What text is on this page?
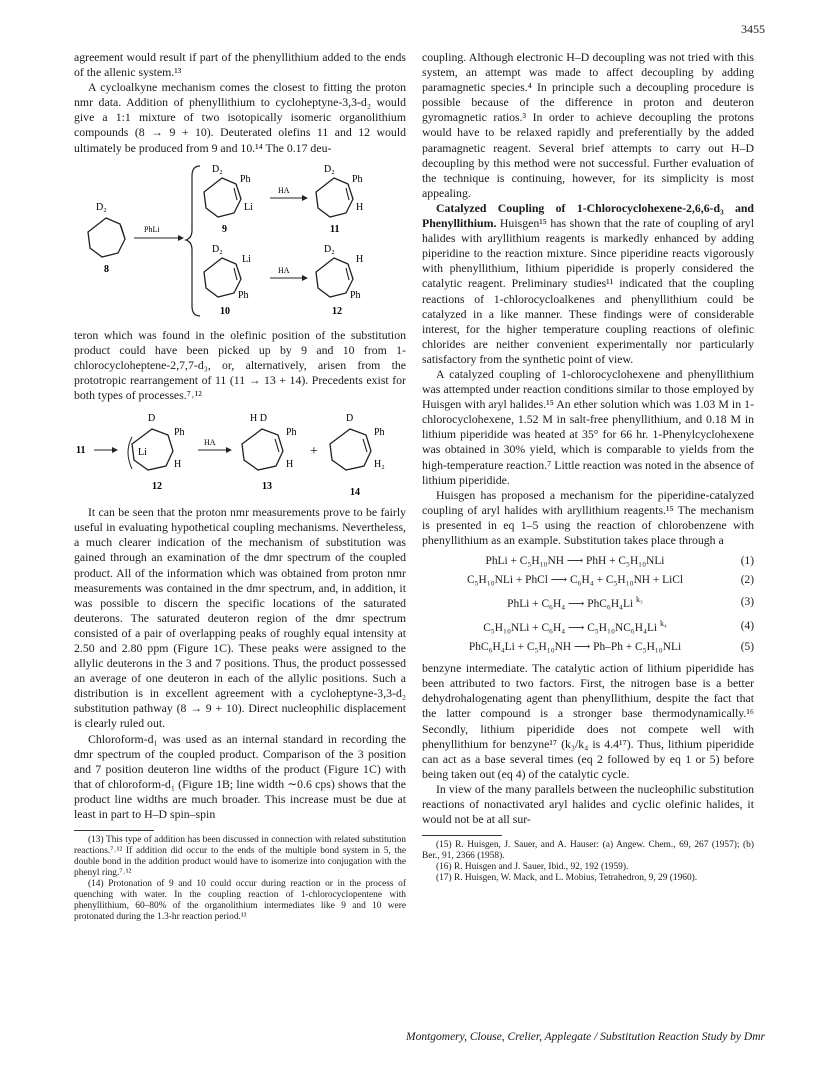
3455

agreement would result if part of the phenyllithium added to the ends of the allenic system.¹³

A cycloalkyne mechanism comes the closest to fitting the proton nmr data. Addition of phenyllithium to cycloheptyne-3,3-d₂ would give a 1:1 mixture of two isotopically isomeric organolithium compounds (8 → 9 + 10). Deuterated olefins 11 and 12 would ultimately be produced from 9 and 10.¹⁴ The 0.17 deu-

D₂
8
PhLi
D₂
Ph
Li
9
HA
D₂
Ph
H
11
D₂
Li
Ph
10
HA
D₂
H
Ph
12

teron which was found in the olefinic position of the substitution product could have been picked up by 9 and 10 from 1-chlorocycloheptene-2,7,7-d₃, or, alternatively, arisen from the prototropic rearrangement of 11 (11 → 13 + 14). Precedents exist for both types of processes.⁷˒¹²

11	Li
D
Ph
H
12
HA
H D
Ph
H
13
+
D
Ph
H₂
14

It can be seen that the proton nmr measurements prove to be fairly useful in evaluating hypothetical coupling mechanisms. Nevertheless, a much clearer indication of the mechanism of substitution was gained through an examination of the dmr spectrum of the coupled product. All of the information which was obtained from proton nmr measurements was contained in the dmr spectrum, and, in addition, it was possible to discern the specific locations of the saturated deuterons. The saturated deuteron region of the dmr spectrum consisted of a pair of overlapping peaks of roughly equal intensity at 2.50 and 2.80 ppm (Figure 1C). These peaks were assigned to the allylic deuterons in the 3 and 7 positions. Thus, the product possessed an average of one deuteron in each of the allylic positions. Such a distribution is in excellent agreement with a cycloheptyne-3,3-d₂ substitution pathway (8 → 9 + 10). Direct nucleophilic displacement is clearly ruled out.

Chloroform-d₁ was used as an internal standard in recording the dmr spectrum of the coupled product. Comparison of the 3 position and 7 position deuteron line widths of the product (Figure 1C) with that of chloroform-d₁ (Figure 1B; line width ∼0.6 cps) shows that the product line widths are much broader. This increase must be due at least in part to H–D spin–spin

(13) This type of addition has been discussed in connection with related substitution reactions.⁷˒¹² If addition did occur to the ends of the multiple bond system in 5, the double bond in the addition product would have to isomerize into conjugation with the phenyl ring.⁷˒¹²

(14) Protonation of 9 and 10 could occur during reaction or in the process of quenching with water. In the coupling reaction of 1-chlorocyclopentene with phenyllithium, 60–80% of the organolithium intermediates like 9 and 10 were protonated during the 1.3-hr reaction period.¹³

coupling. Although electronic H–D decoupling was not tried with this system, an attempt was made to affect decoupling by adding paramagnetic species.⁴ In principle such a decoupling procedure is possible because of the difference in proton and deuteron gyromagnetic ratios.³ In order to achieve decoupling the protons would have to be relaxed rapidly and preferentially by the added paramagnetic reagent. Several brief attempts to carry out H–D decoupling by this method were not successful. Further evaluation of the technique is continuing, however, for its simplicity is most appealing.

Catalyzed Coupling of 1-Chlorocyclohexene-2,6,6-d₃ and Phenyllithium. Huisgen¹⁵ has shown that the rate of coupling of aryl halides with aryllithium reagents is markedly enhanced by adding piperidine to the reaction mixture. Since piperidine reacts vigorously with phenyllithium, lithium piperidide is properly considered the catalytic reagent. Preliminary studies¹¹ indicated that the coupling reactions of 1-chlorocycloalkenes and phenyllithium could be catalyzed in a like manner. These findings were of considerable interest, for the higher temperature coupling reactions of olefinic chlorides are neither convenient experimentally nor particularly satisfactory from the synthetic point of view.

A catalyzed coupling of 1-chlorocyclohexene and phenyllithium was attempted under reaction conditions similar to those employed by Huisgen with aryl halides.¹⁵ An ether solution which was 1.03 M in 1-chlorocyclohexene, 1.52 M in salt-free phenyllithium, and 0.18 M in lithium piperidide was heated at 35° for 66 hr. 1-Phenylcyclohexene was obtained in 30% yield, which is comparable to yields from the high-temperature reaction.⁷ Little reaction was noted in the absence of lithium piperidide.

Huisgen has proposed a mechanism for the piperidine-catalyzed coupling of aryl halides with aryllithium reagents.¹⁵ The mechanism is presented in eq 1–5 using the reaction of chlorobenzene with phenyllithium as an example. Substitution takes place through a

PhLi + C₅H₁₀NH ⟶ PhH + C₅H₁₀NLi	(1)
C₅H₁₀NLi + PhCl ⟶ C₆H₄ + C₅H₁₀NH + LiCl	(2)
PhLi + C₆H₄ ⟶ PhC₆H₄Li $^{k_3}$	(3)
C₅H₁₀NLi + C₆H₄ ⟶ C₅H₁₀NC₆H₄Li $^{k_4}$	(4)
PhC₆H₄Li + C₅H₁₀NH ⟶ Ph–Ph + C₅H₁₀NLi	(5)

benzyne intermediate. The catalytic action of lithium piperidide has been attributed to two factors. First, the nitrogen base is a better dehydrohalogenating agent than phenyllithium, despite the fact that the latter compound is a stronger base thermodynamically.¹⁶ Secondly, lithium piperidide does not compete well with phenyllithium for benzyne¹⁷ (k₃/k₄ is 4.4¹⁷). Thus, lithium piperidide can act as a base several times (eq 2 followed by eq 1 or 5) before being taken out (eq 4) of the catalytic cycle.

In view of the many parallels between the nucleophilic substitution reactions of nonactivated aryl halides and cyclic olefinic halides, it would not be at all sur-

(15) R. Huisgen, J. Sauer, and A. Hauser: (a) Angew. Chem., 69, 267 (1957); (b) Ber., 91, 2366 (1958).

(16) R. Huisgen and J. Sauer, Ibid., 92, 192 (1959).

(17) R. Huisgen, W. Mack, and L. Mobius, Tetrahedron, 9, 29 (1960).

Montgomery, Clouse, Crelier, Applegate / Substitution Reaction Study by Dmr
